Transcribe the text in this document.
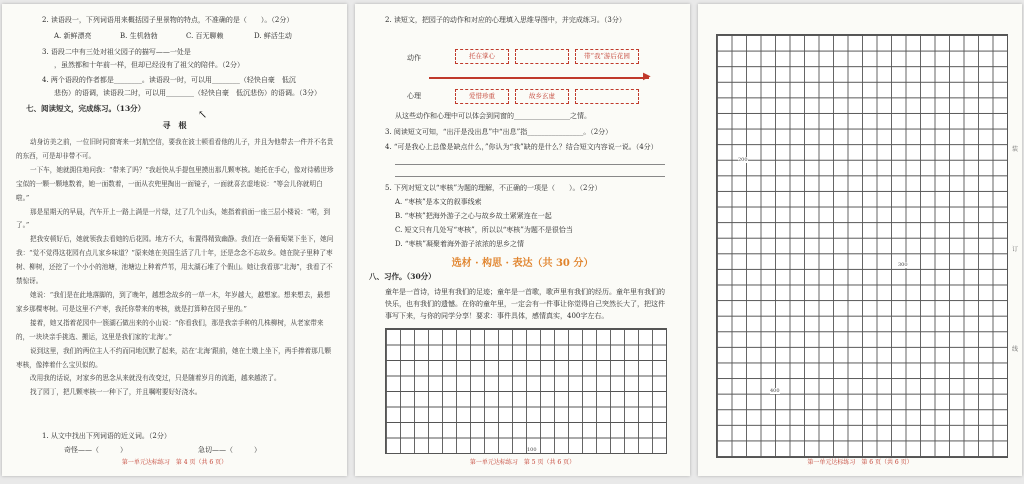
2. 读语段一，下列词语用来概括园子里景物的特点，不准确的是（　　）。（2分）
A. 新鲜漂亮	B. 生机勃勃	C. 百无聊赖	D. 鲜活生动
3. 语段二中有三处对祖父园子的描写——一处是
，虽然都和十年前一样，但却已经没有了祖父的陪伴。（2分）
4. 两个语段的作者都是________。读语段一时，可以用________（轻快自豪　低沉
悲伤）的语调，读语段二时，可以用________（轻快自豪　低沉悲伤）的语调。（3分）
↖
七、阅读短文，完成练习。（13分）
寻　根

动身访美之前，一位旧时同窗寄来一封航空信，要我在波士顿看看他的儿子，并且为他带去一件并不名贵的东西，可是却非带不可。

一下车，她就拥住地问我：“带来了吗？”我赶快从手提包里摸出那几颗枣核。她托在手心，像对待稀世珍宝似的一颗一颗地数着，她一面数着，一面从衣兜里掏出一面镜子，一面就喜玄虚地说：“等会儿你就明白啦。”

那是星期天的早晨，汽车开上一路上满是一片绿，过了几个山头，她指着前面一座三层小楼说：“喏，到了。”

把我安顿好后，她就领我去看她的后花园。地方不大，布置得精致幽静。我们在一条葡萄架下坐下，她问我：“觉不觉得这花园有点儿家乡味道？”原来她在美国生活了几十年，还是念念不忘故乡。她在院子里种了枣树、柳树，还挖了一个小小的池塘，池塘边上种着芦苇，用太湖石堆了个假山。她让我看那“北海”，我看了不禁惊讶。

她说：“我们是在此地落脚的，到了晚年，越想念故乡的一草一木，年岁越大，越想家。想来想去，最想家乡那棵枣树。可是这里不产枣，我托你带来的枣核，就是打算种在园子里的。”

接着，她又指着花园中一簇湖石做出来的小山说：“你看我们，那是我亲手种的几株柳树，从老家带来的，一块块亲手挑选、搬运，这里是我们家的‘北海’。”

说到这里，我们的两位主人不约而同地沉默了起来，站在‘北海’跟前，她在土墩上坐下，两手捧着那几颗枣核，像捧着什么宝贝似的。

改用我的话说，对家乡的思念从来就没有改变过，只是随着岁月的流逝，越来越浓了。

找了园丁，把几颗枣核一一种下了，并且嘱咐要好好浇水。

1. 从文中找出下列词语的近义词。（2分）
奇怪——（　　　）	急切——（　　　）
第一单元达标练习　第 4 页（共 6 页）
2. 读短文，把园子的动作和对应的心理填入思维导图中，并完成练习。（3分）
动作
心理
▶
托在掌心	带“我”游后花园
爱惜珍重	故乡玄虚
从这些动作和心理中可以体会到同窗的________________之情。
3. 阅读短文可知，“出汗是没出息”中“出息”指________________。（2分）
4. “可是我心上总像是缺点什么，”你认为“我”缺的是什么？结合短文内容说一说。（4分）
5. 下列对短文以“枣核”为题的理解，不正确的一项是（　　）。（2分）
A. “枣核”是本文的叙事线索
B. “枣核”把海外游子之心与故乡故土紧紧连在一起
C. 短文只有几处写“枣核”，所以以“枣核”为题不是很恰当
D. “枣核”凝聚着海外游子浓浓的思乡之情
选材 · 构思 · 表达（共 30 分）
八、习作。（30分）
童年是一首诗，诗里有我们的足迹；童年是一首歌，歌声里有我们的经历。童年里有我们的快乐，也有我们的遗憾。在你的童年里，一定会有一件事让你觉得自己突然长大了，把这件事写下来，与你的同学分享！要求：事件具体，感情真实，400字左右。
100
第一单元达标练习　第 5 页（共 6 页）
200
300
400
装
订
线
第一单元达标练习　第 6 页（共 6 页）
